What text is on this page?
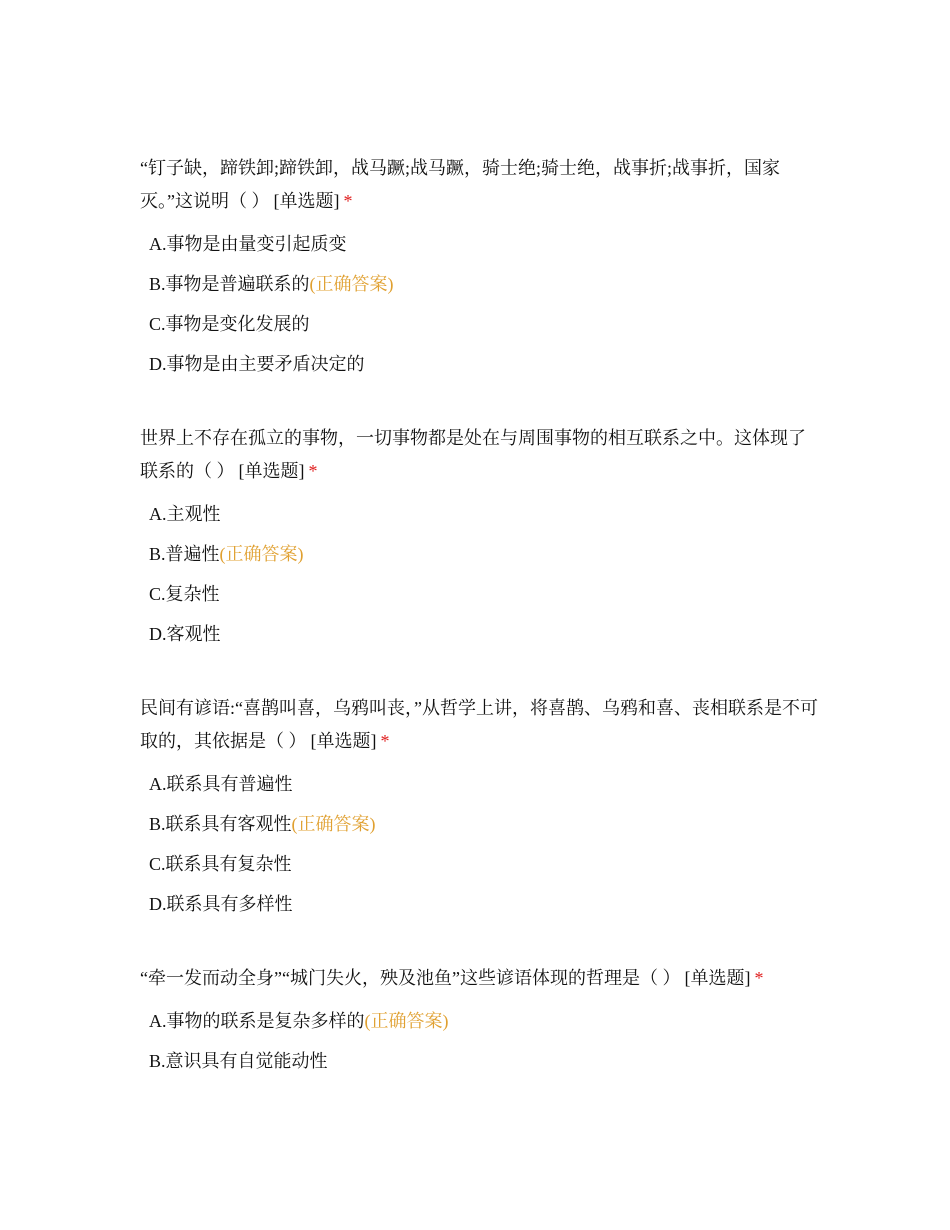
“钉子缺，蹄铁卸;蹄铁卸，战马蹶;战马蹶，骑士绝;骑士绝，战事折;战事折，国家灭。”这说明（ ） [单选题] *
A.事物是由量变引起质变
B.事物是普遍联系的(正确答案)
C.事物是变化发展的
D.事物是由主要矛盾决定的
世界上不存在孤立的事物，一切事物都是处在与周围事物的相互联系之中。这体现了联系的（ ） [单选题] *
A.主观性
B.普遍性(正确答案)
C.复杂性
D.客观性
民间有谚语:“喜鹊叫喜，乌鸦叫丧，”从哲学上讲，将喜鹊、乌鸦和喜、丧相联系是不可取的，其依据是（ ） [单选题] *
A.联系具有普遍性
B.联系具有客观性(正确答案)
C.联系具有复杂性
D.联系具有多样性
“牵一发而动全身”“城门失火，殃及池鱼”这些谚语体现的哲理是（ ） [单选题] *
A.事物的联系是复杂多样的(正确答案)
B.意识具有自觉能动性
